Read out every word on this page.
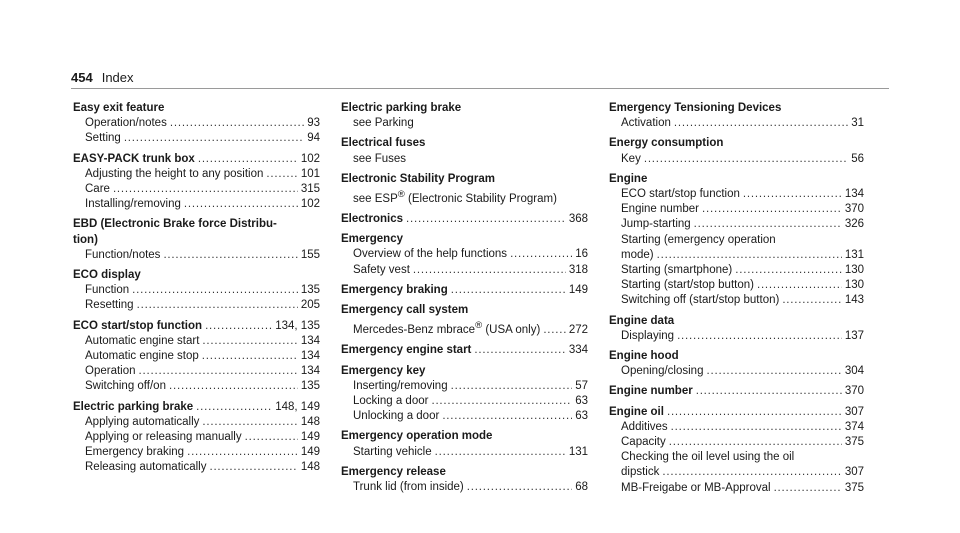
454 Index
Easy exit feature
Operation/notes . . .	93
Setting . . .	94
EASY-PACK trunk box . . .	102
Adjusting the height to any position . . .	101
Care . . .	315
Installing/removing . . .	102
EBD (Electronic Brake force Distribu-
tion)
Function/notes . . .	155
ECO display
Function . . .	135
Resetting . . .	205
ECO start/stop function . . .	134, 135
Automatic engine start . . .	134
Automatic engine stop . . .	134
Operation . . .	134
Switching off/on . . .	135
Electric parking brake . . .	148, 149
Applying automatically . . .	148
Applying or releasing manually . . .	149
Emergency braking . . .	149
Releasing automatically . . .	148
Electric parking brake
see Parking
Electrical fuses
see Fuses
Electronic Stability Program
see ESP® (Electronic Stability Program)
Electronics . . .	368
Emergency
Overview of the help functions . . .	16
Safety vest . . .	318
Emergency braking . . .	149
Emergency call system
Mercedes-Benz mbrace® (USA only) . . . 272
Emergency engine start . . .	334
Emergency key
Inserting/removing . . .	57
Locking a door . . .	63
Unlocking a door . . .	63
Emergency operation mode
Starting vehicle . . .	131
Emergency release
Trunk lid (from inside) . . .	68
Emergency Tensioning Devices
Activation . . .	31
Energy consumption
Key . . .	56
Engine
ECO start/stop function . . .	134
Engine number . . .	370
Jump-starting . . .	326
Starting (emergency operation
mode) . . .	131
Starting (smartphone) . . .	130
Starting (start/stop button) . . .	130
Switching off (start/stop button) . . .	143
Engine data
Displaying . . .	137
Engine hood
Opening/closing . . .	304
Engine number . . .	370
Engine oil . . .	307
Additives . . .	374
Capacity . . .	375
Checking the oil level using the oil
dipstick . . .	307
MB-Freigabe or MB-Approval . . .	375
